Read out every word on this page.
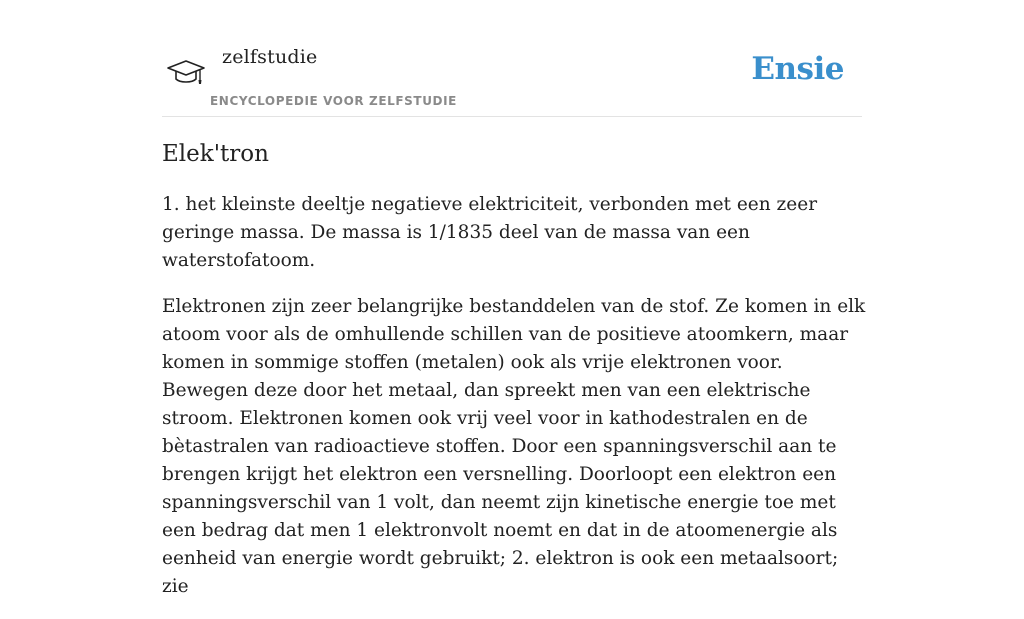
zelfstudie
ENCYCLOPEDIE VOOR ZELFSTUDIE
Ensie
Elek'tron

1. het kleinste deeltje negatieve elektriciteit, verbonden met een zeer geringe massa. De massa is 1/1835 deel van de massa van een waterstofatoom.

Elektronen zijn zeer belangrijke bestanddelen van de stof. Ze komen in elk atoom voor als de omhullende schillen van de positieve atoomkern, maar komen in sommige stoffen (metalen) ook als vrije elektronen voor. Bewegen deze door het metaal, dan spreekt men van een elektrische stroom. Elektronen komen ook vrij veel voor in kathodestralen en de bètastralen van radioactieve stoffen. Door een spanningsverschil aan te brengen krijgt het elektron een versnelling. Doorloopt een elektron een spanningsverschil van 1 volt, dan neemt zijn kinetische energie toe met een bedrag dat men 1 elektronvolt noemt en dat in de atoomenergie als eenheid van energie wordt gebruikt; 2. elektron is ook een metaalsoort; zie
